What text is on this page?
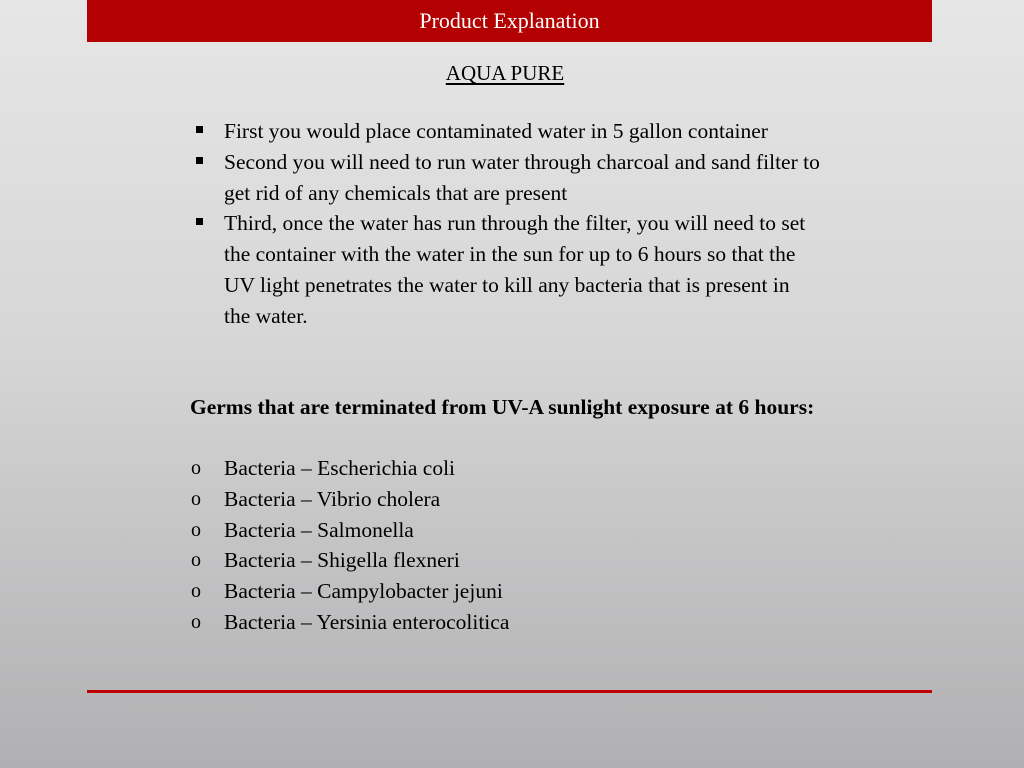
Product Explanation
AQUA PURE
First you would place contaminated water in 5 gallon container
Second you will need to run water through charcoal and sand filter to get rid of any chemicals that are present
Third, once the water has run through the filter, you will need to set the container with the water in the sun for up to 6 hours so that the UV light penetrates the water to kill any bacteria that is present in the water.
Germs that are terminated from UV-A sunlight exposure at 6 hours:
o Bacteria – Escherichia coli
o Bacteria – Vibrio cholera
o Bacteria – Salmonella
o Bacteria – Shigella flexneri
o Bacteria – Campylobacter jejuni
o Bacteria – Yersinia enterocolitica
